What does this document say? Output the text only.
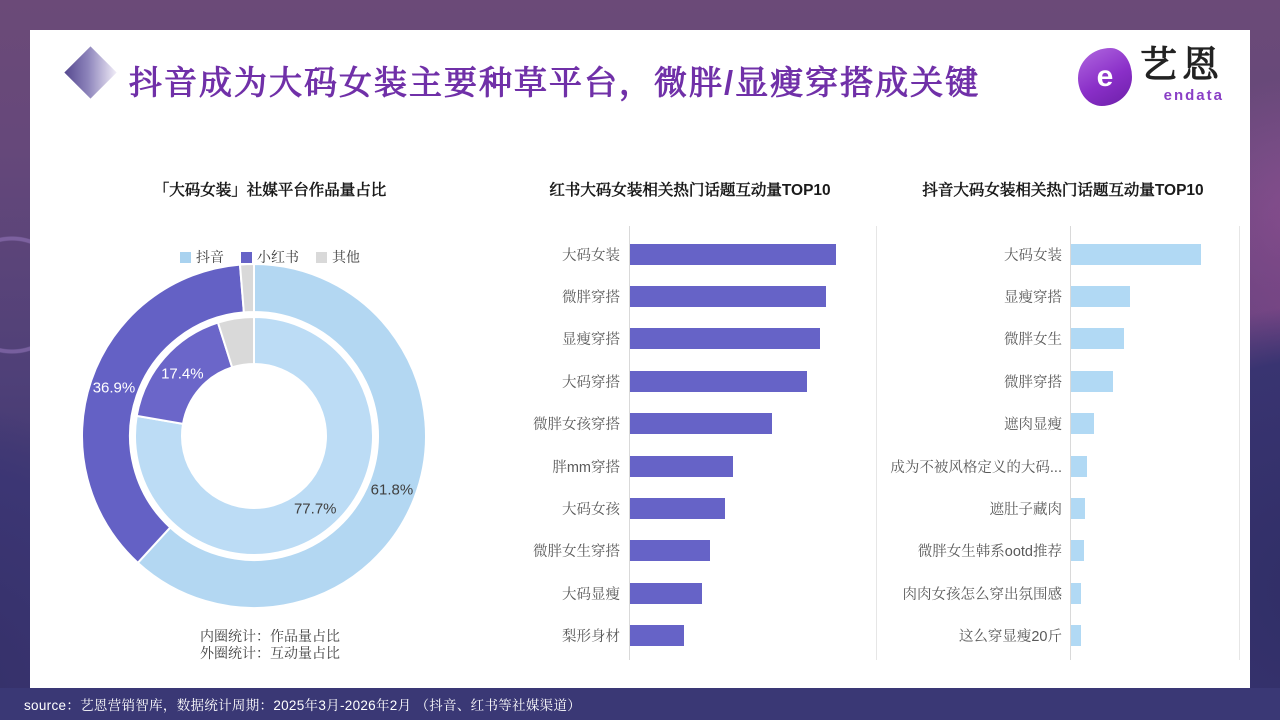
抖音成为大码女装主要种草平台，微胖/显瘦穿搭成关键	e 艺恩
endata
「大码女装」社媒平台作品量占比
抖音 小红书 其他
61.8%
36.9%
77.7%
17.4%
内圈统计：作品量占比
外圈统计：互动量占比
红书大码女装相关热门话题互动量TOP10
大码女装
微胖穿搭
显瘦穿搭
大码穿搭
微胖女孩穿搭
胖mm穿搭
大码女孩
微胖女生穿搭
大码显瘦
梨形身材
抖音大码女装相关热门话题互动量TOP10
大码女装
显瘦穿搭
微胖女生
微胖穿搭
遮肉显瘦
成为不被风格定义的大码...
遮肚子藏肉
微胖女生韩系ootd推荐
肉肉女孩怎么穿出氛围感
这么穿显瘦20斤
source：艺恩营销智库，数据统计周期：2025年3月-2026年2月 （抖音、红书等社媒渠道）
